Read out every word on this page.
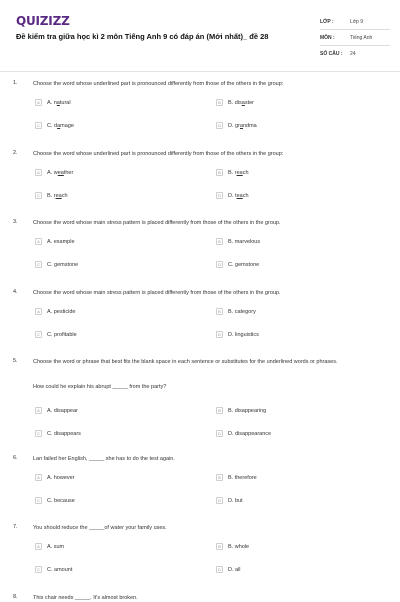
QUIZIZZ
Đề kiểm tra giữa học kì 2 môn Tiếng Anh 9 có đáp án (Mới nhất)_ đề 28
LỚP :	Lớp 9
MÔN :	Tiếng Anh
SỐ CÂU :	24
1.	Choose the word whose underlined part is pronounced differently from those of the others in the group:
A	A. natural	B	B. disaster
C	C. damage	D	D. grandma
2.	Choose the word whose underlined part is pronounced differently from those of the others in the group:
A	A. weather	B	B. reach
C	B. reach	D	D. teach
3.	Choose the word whose main stress pattern is placed differently from those of the others in the group.
A	A. example	B	B. marvelous
C	C. gemstone	D	C. gemstone
4.	Choose the word whose main stress pattern is placed differently from those of the others in the group.
A	A. pesticide	B	B. category
C	C. profitable	D	D. linguistics
5.	Choose the word or phrase that best fits the blank space in each sentence or substitutes for the underlined words or phrases.
How could he explain his abrupt _____ from the party?
A	A. disappear	B	B. disappearing
C	C. disappears	D	D. disappearance
6.	Lan failed her English, _____ she has to do the test again.
A	A. however	B	B. therefore
C	C. because	D	D. but
7.	You should reduce the _____of water your family uses.
A	A. sum	B	B. whole
C	C. amount	D	D. all
8.	This chair needs _____. It's almost broken.
